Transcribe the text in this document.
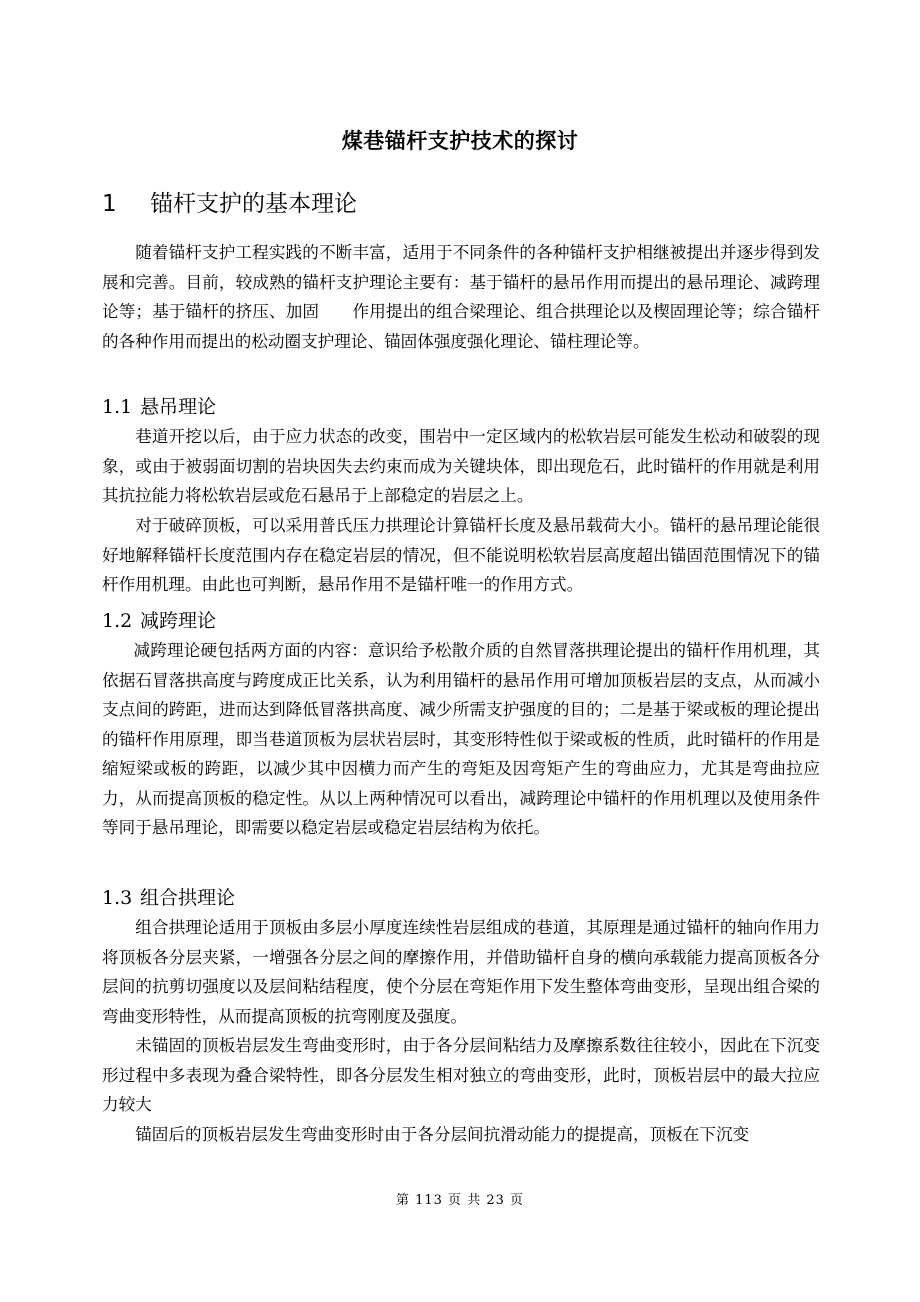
煤巷锚杆支护技术的探讨
1 锚杆支护的基本理论

随着锚杆支护工程实践的不断丰富，适用于不同条件的各种锚杆支护相继被提出并逐步得到发展和完善。目前，较成熟的锚杆支护理论主要有：基于锚杆的悬吊作用而提出的悬吊理论、减跨理论等；基于锚杆的挤压、加固　　作用提出的组合梁理论、组合拱理论以及楔固理论等；综合锚杆的各种作用而提出的松动圈支护理论、锚固体强度强化理论、锚柱理论等。

1.1 悬吊理论

巷道开挖以后，由于应力状态的改变，围岩中一定区域内的松软岩层可能发生松动和破裂的现象，或由于被弱面切割的岩块因失去约束而成为关键块体，即出现危石，此时锚杆的作用就是利用其抗拉能力将松软岩层或危石悬吊于上部稳定的岩层之上。

对于破碎顶板，可以采用普氏压力拱理论计算锚杆长度及悬吊载荷大小。锚杆的悬吊理论能很好地解释锚杆长度范围内存在稳定岩层的情况，但不能说明松软岩层高度超出锚固范围情况下的锚杆作用机理。由此也可判断，悬吊作用不是锚杆唯一的作用方式。

1.2 减跨理论

减跨理论硬包括两方面的内容：意识给予松散介质的自然冒落拱理论提出的锚杆作用机理，其依据石冒落拱高度与跨度成正比关系，认为利用锚杆的悬吊作用可增加顶板岩层的支点，从而减小支点间的跨距，进而达到降低冒落拱高度、减少所需支护强度的目的；二是基于梁或板的理论提出的锚杆作用原理，即当巷道顶板为层状岩层时，其变形特性似于梁或板的性质，此时锚杆的作用是缩短梁或板的跨距，以减少其中因横力而产生的弯矩及因弯矩产生的弯曲应力，尤其是弯曲拉应力，从而提高顶板的稳定性。从以上两种情况可以看出，减跨理论中锚杆的作用机理以及使用条件等同于悬吊理论，即需要以稳定岩层或稳定岩层结构为依托。

1.3 组合拱理论

组合拱理论适用于顶板由多层小厚度连续性岩层组成的巷道，其原理是通过锚杆的轴向作用力将顶板各分层夹紧，一增强各分层之间的摩擦作用，并借助锚杆自身的横向承载能力提高顶板各分层间的抗剪切强度以及层间粘结程度，使个分层在弯矩作用下发生整体弯曲变形，呈现出组合梁的弯曲变形特性，从而提高顶板的抗弯刚度及强度。

未锚固的顶板岩层发生弯曲变形时，由于各分层间粘结力及摩擦系数往往较小，因此在下沉变形过程中多表现为叠合梁特性，即各分层发生相对独立的弯曲变形，此时，顶板岩层中的最大拉应力较大

锚固后的顶板岩层发生弯曲变形时由于各分层间抗滑动能力的提提高，顶板在下沉变

第 113 页 共 23 页
